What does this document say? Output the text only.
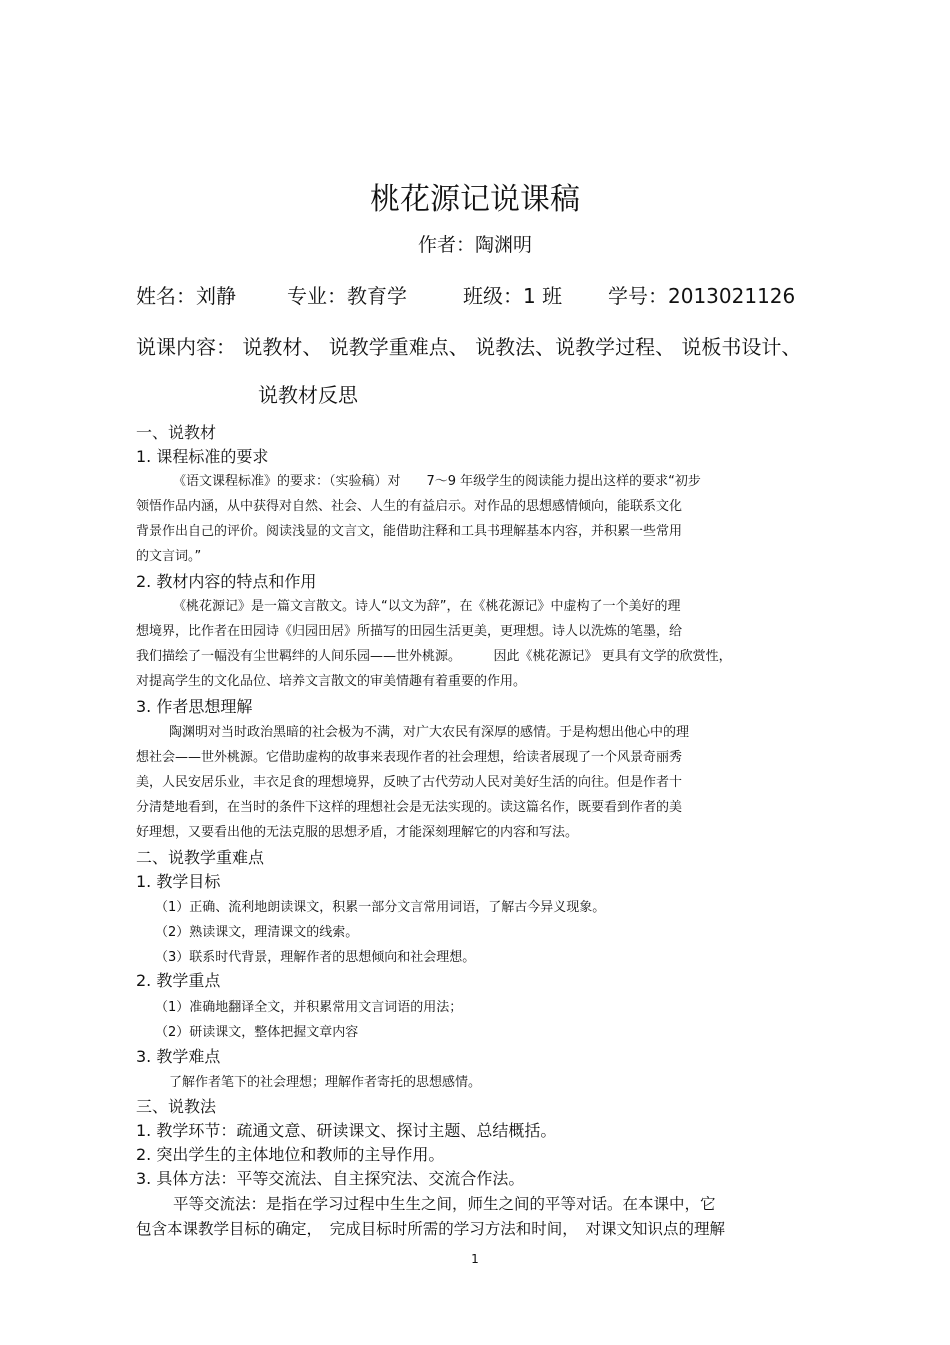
桃花源记说课稿
作者：陶渊明
姓名：刘静	专业：教育学	班级：1 班 学号：2013021126
说课内容： 说教材、 说教学重难点、 说教法、说教学过程、 说板书设计、
说教材反思
一、说教材
1. 课程标准的要求
《语文课程标准》的要求：（实验稿）对　　7～9 年级学生的阅读能力提出这样的要求“初步
领悟作品内涵，从中获得对自然、社会、人生的有益启示。对作品的思想感情倾向，能联系文化
背景作出自己的评价。阅读浅显的文言文，能借助注释和工具书理解基本内容，并积累一些常用
的文言词。”
2. 教材内容的特点和作用
《桃花源记》是一篇文言散文。诗人“以文为辞”，在《桃花源记》中虚构了一个美好的理
想境界，比作者在田园诗《归园田居》所描写的田园生活更美，更理想。诗人以洗炼的笔墨，给
我们描绘了一幅没有尘世羁绊的人间乐园——世外桃源。　　　因此《桃花源记》 更具有文学的欣赏性，
对提高学生的文化品位、培养文言散文的审美情趣有着重要的作用。
3. 作者思想理解
陶渊明对当时政治黑暗的社会极为不满，对广大农民有深厚的感情。于是构想出他心中的理
想社会——世外桃源。它借助虚构的故事来表现作者的社会理想，给读者展现了一个风景奇丽秀
美，人民安居乐业，丰衣足食的理想境界，反映了古代劳动人民对美好生活的向往。但是作者十
分清楚地看到，在当时的条件下这样的理想社会是无法实现的。读这篇名作，既要看到作者的美
好理想，又要看出他的无法克服的思想矛盾，才能深刻理解它的内容和写法。
二、说教学重难点
1. 教学目标
（1）正确、流利地朗读课文，积累一部分文言常用词语，了解古今异义现象。
（2）熟读课文，理清课文的线索。
（3）联系时代背景，理解作者的思想倾向和社会理想。
2. 教学重点
（1）准确地翻译全文，并积累常用文言词语的用法；
（2）研读课文，整体把握文章内容
3. 教学难点
了解作者笔下的社会理想；理解作者寄托的思想感情。
三、说教法
1. 教学环节：疏通文意、研读课文、探讨主题、总结概括。
2. 突出学生的主体地位和教师的主导作用。
3. 具体方法：平等交流法、自主探究法、交流合作法。
平等交流法：是指在学习过程中生生之间，师生之间的平等对话。在本课中，它
包含本课教学目标的确定，　完成目标时所需的学习方法和时间，　对课文知识点的理解
1
